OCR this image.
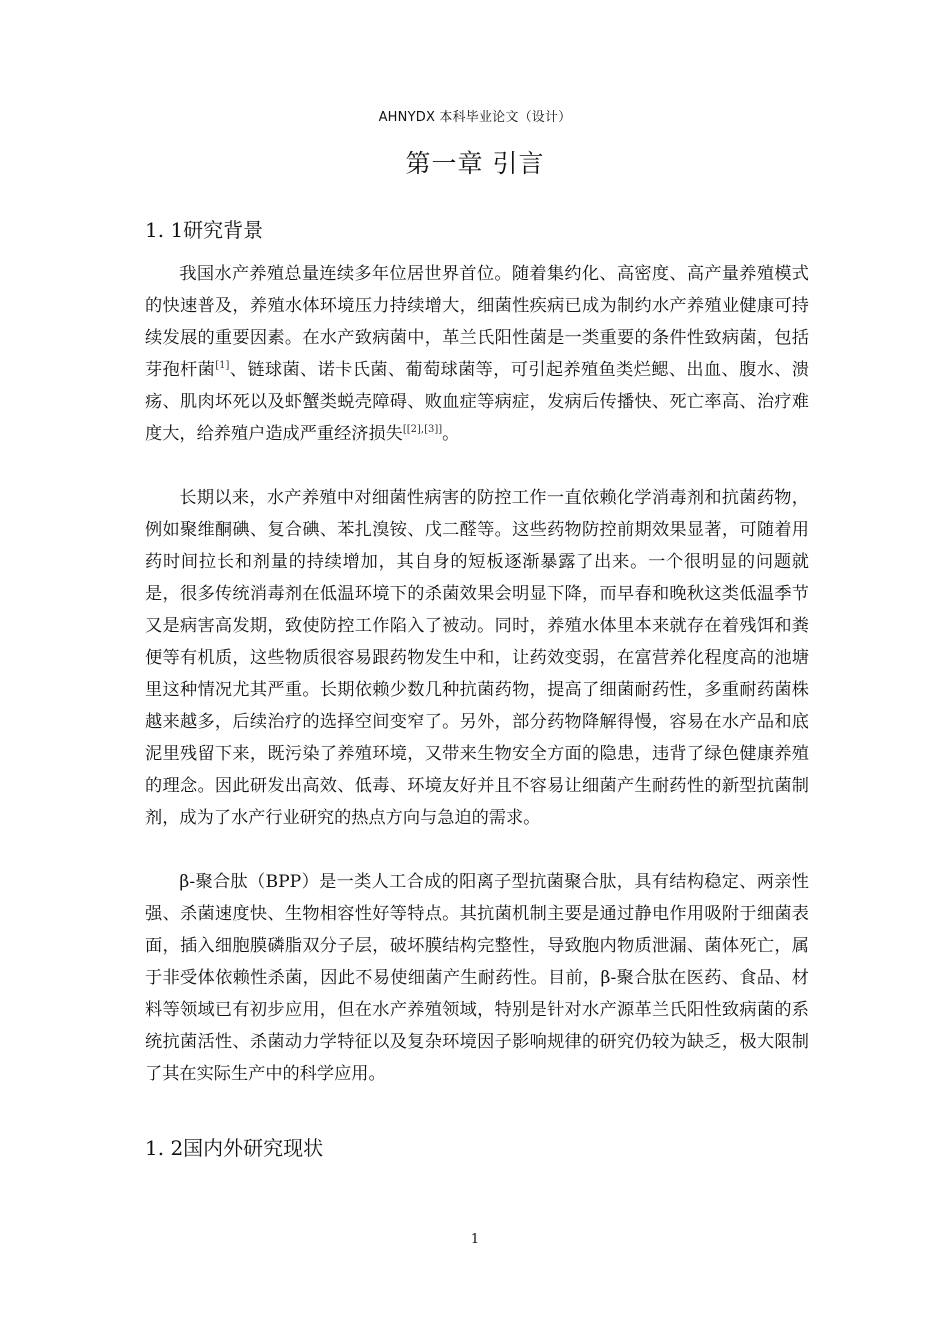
AHNYDX 本科毕业论文（设计）
第一章 引言
1. 1研究背景

我国水产养殖总量连续多年位居世界首位。随着集约化、高密度、高产量养殖模式的快速普及，养殖水体环境压力持续增大，细菌性疾病已成为制约水产养殖业健康可持续发展的重要因素。在水产致病菌中，革兰氏阳性菌是一类重要的条件性致病菌，包括芽孢杆菌[1]、链球菌、诺卡氏菌、葡萄球菌等，可引起养殖鱼类烂鳃、出血、腹水、溃疡、肌肉坏死以及虾蟹类蜕壳障碍、败血症等病症，发病后传播快、死亡率高、治疗难度大，给养殖户造成严重经济损失[[2],[3]]。

长期以来，水产养殖中对细菌性病害的防控工作一直依赖化学消毒剂和抗菌药物，例如聚维酮碘、复合碘、苯扎溴铵、戊二醛等。这些药物防控前期效果显著，可随着用药时间拉长和剂量的持续增加，其自身的短板逐渐暴露了出来。一个很明显的问题就是，很多传统消毒剂在低温环境下的杀菌效果会明显下降，而早春和晚秋这类低温季节又是病害高发期，致使防控工作陷入了被动。同时，养殖水体里本来就存在着残饵和粪便等有机质，这些物质很容易跟药物发生中和，让药效变弱，在富营养化程度高的池塘里这种情况尤其严重。长期依赖少数几种抗菌药物，提高了细菌耐药性，多重耐药菌株越来越多，后续治疗的选择空间变窄了。另外，部分药物降解得慢，容易在水产品和底泥里残留下来，既污染了养殖环境，又带来生物安全方面的隐患，违背了绿色健康养殖的理念。因此研发出高效、低毒、环境友好并且不容易让细菌产生耐药性的新型抗菌制剂，成为了水产行业研究的热点方向与急迫的需求。

β-聚合肽（BPP）是一类人工合成的阳离子型抗菌聚合肽，具有结构稳定、两亲性强、杀菌速度快、生物相容性好等特点。其抗菌机制主要是通过静电作用吸附于细菌表面，插入细胞膜磷脂双分子层，破坏膜结构完整性，导致胞内物质泄漏、菌体死亡，属于非受体依赖性杀菌，因此不易使细菌产生耐药性。目前，β-聚合肽在医药、食品、材料等领域已有初步应用，但在水产养殖领域，特别是针对水产源革兰氏阳性致病菌的系统抗菌活性、杀菌动力学特征以及复杂环境因子影响规律的研究仍较为缺乏，极大限制了其在实际生产中的科学应用。

1. 2国内外研究现状
1
